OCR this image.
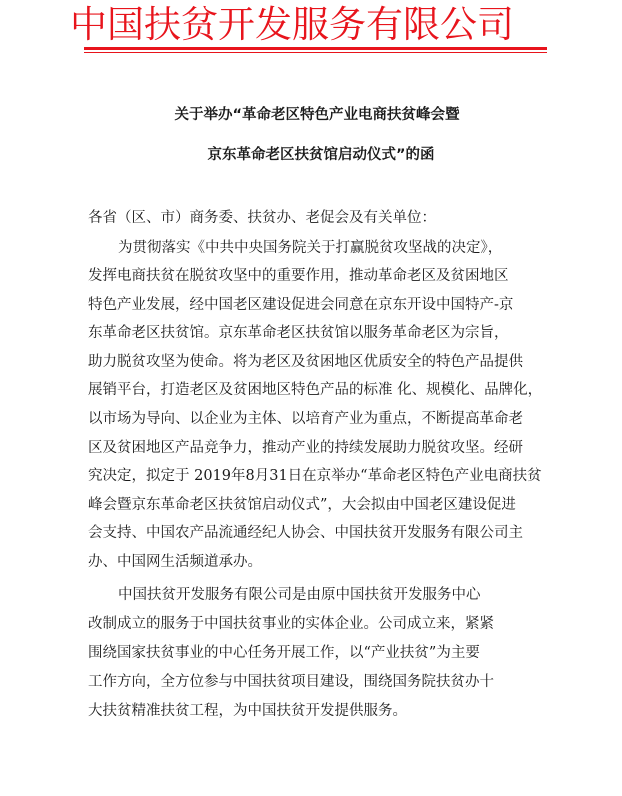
中国扶贫开发服务有限公司
关于举办“革命老区特色产业电商扶贫峰会暨
京东革命老区扶贫馆启动仪式”的函
各省（区、市）商务委、扶贫办、老促会及有关单位：
为贯彻落实《中共中央国务院关于打赢脱贫攻坚战的决定》，
发挥电商扶贫在脱贫攻坚中的重要作用，推动革命老区及贫困地区
特色产业发展，经中国老区建设促进会同意在京东开设中国特产-京
东革命老区扶贫馆。京东革命老区扶贫馆以服务革命老区为宗旨，
助力脱贫攻坚为使命。将为老区及贫困地区优质安全的特色产品提供
展销平台，打造老区及贫困地区特色产品的标准 化、规模化、品牌化，
以市场为导向、以企业为主体、以培育产业为重点，不断提高革命老
区及贫困地区产品竞争力，推动产业的持续发展助力脱贫攻坚。经研
究决定，拟定于 2019年8月31日在京举办“革命老区特色产业电商扶贫
峰会暨京东革命老区扶贫馆启动仪式”，大会拟由中国老区建设促进
会支持、中国农产品流通经纪人协会、中国扶贫开发服务有限公司主
办、中国网生活频道承办。
中国扶贫开发服务有限公司是由原中国扶贫开发服务中心
改制成立的服务于中国扶贫事业的实体企业。公司成立来，紧紧
围绕国家扶贫事业的中心任务开展工作，以“产业扶贫”为主要
工作方向，全方位参与中国扶贫项目建设，围绕国务院扶贫办十
大扶贫精准扶贫工程，为中国扶贫开发提供服务。
